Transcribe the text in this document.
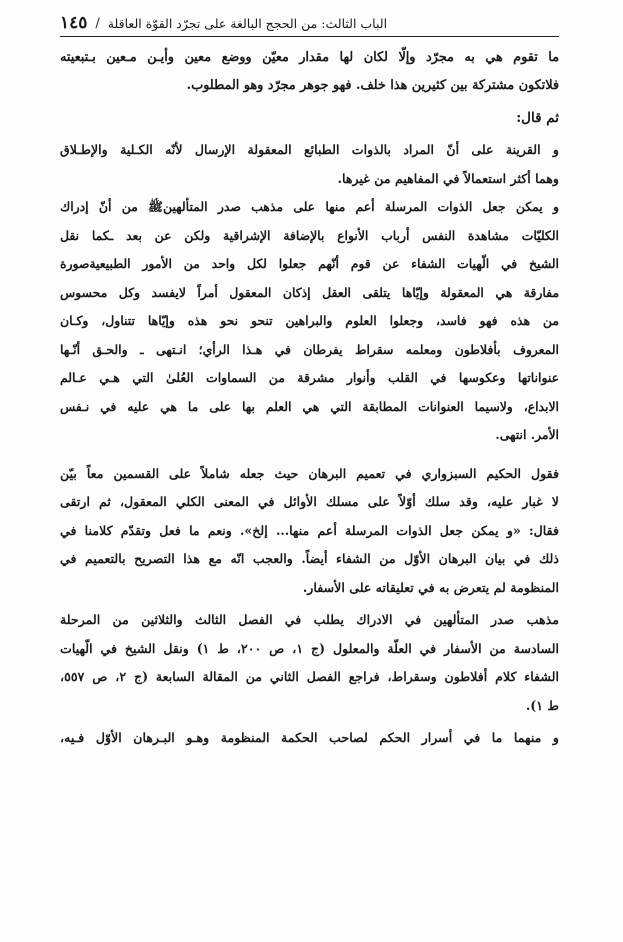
١٤٥ / الباب الثالث: من الحجج البالغة على تجرّد القوّة العاقلة
ما تقوم هي به مجرّد وإلّا لكان لها مقدار معيّن ووضع معين وأيـن مـعين بـتبعيته
فلاتكون مشتركة بين كثيرين هذا خلف. فهو جوهر مجرّد وهو المطلوب.
ثم قال:
و القرينة على أنّ المراد بالذوات الطبائع المعقولة الإرسال لأنّه الكـلية والإطـلاق
وهما أكثر استعمالاً في المفاهيم من غيرها.
و يمكن جعل الذوات المرسلة أعم منها على مذهب صدر المتألهينﷺ من أنّ إدراك
الكليّات مشاهدة النفس أرباب الأنواع بالإضافة الإشراقية ولكن عن بعد ـكما نقل
الشيخ في الّهيات الشفاء عن قوم أنّهم جعلوا لكل واحد من الأمور الطبيعيةصورة
مفارقة هي المعقولة وإيّاها يتلقى العقل إذكان المعقول أمراً لايفسد وكل محسوس
من هذه فهو فاسد، وجعلوا العلوم والبراهين تنحو نحو هذه وإيّاها تتناول، وكـان
المعروف بأفلاطون ومعلمه سقراط يفرطان في هـذا الرأي؛ انـتهى ـ والحـق أنّـها
عنواناتها وعكوسها في القلب وأنوار مشرقة من السماوات العُلىٰ التي هـي عـالم
الابداع، ولاسيما العنوانات المطابقة التي هي العلم بها على ما هي عليه في نـفس
الأمر. انتهى.
فقول الحكيم السبزواري في تعميم البرهان حيث جعله شاملاً على القسمين معاً بيّن
لا غبار عليه، وقد سلك أوّلاً على مسلك الأوائل في المعنى الكلي المعقول، ثم ارتقى
فقال: «و يمكن جعل الذوات المرسلة أعم منها... إلخ». ونعم ما فعل وتقدّم كلامنا في
ذلك في بيان البرهان الأوّل من الشفاء أيضاً. والعجب انّه مع هذا التصريح بالتعميم في
المنظومة لم يتعرض به في تعليقاته على الأسفار.
مذهب صدر المتألهين في الادراك يطلب في الفصل الثالث والثلاثين من المرحلة
السادسة من الأسفار في العلّة والمعلول (ج ١، ص ٢٠٠، ط ١) ونقل الشيخ في الّهيات
الشفاء كلام أفلاطون وسقراط، فراجع الفصل الثاني من المقالة السابعة (ج ٢، ص ٥٥٧،
ط ١).
و منهما ما في أسرار الحكم لصاحب الحكمة المنظومة وهـو البـرهان الأوّل فـيه،
